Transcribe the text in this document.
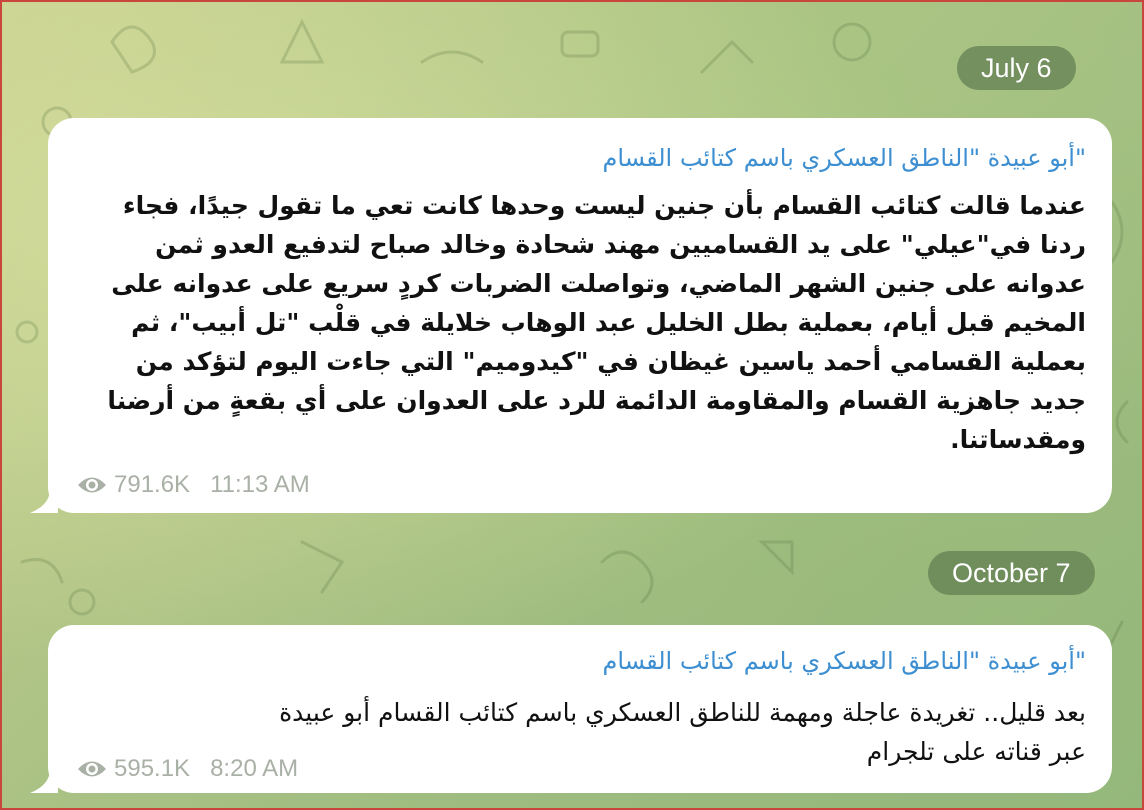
July 6
"أبو عبيدة "الناطق العسكري باسم كتائب القسام
عندما قالت كتائب القسام بأن جنين ليست وحدها كانت تعي ما تقول جيدًا، فجاء
ردنا في"عيلي" على يد القساميين مهند شحادة وخالد صباح لتدفيع العدو ثمن
عدوانه على جنين الشهر الماضي، وتواصلت الضربات كردٍ سريع على عدوانه على
المخيم قبل أيام، بعملية بطل الخليل عبد الوهاب خلايلة في قلْب "تل أبيب"، ثم
بعملية القسامي أحمد ياسين غيظان في "كيدوميم" التي جاءت اليوم لتؤكد من
جديد جاهزية القسام والمقاومة الدائمة للرد على العدوان على أي بقعةٍ من أرضنا
ومقدساتنا.
791.6K 11:13 AM
October 7
"أبو عبيدة "الناطق العسكري باسم كتائب القسام
بعد قليل.. تغريدة عاجلة ومهمة للناطق العسكري باسم كتائب القسام أبو عبيدة
عبر قناته على تلجرام
595.1K 8:20 AM
